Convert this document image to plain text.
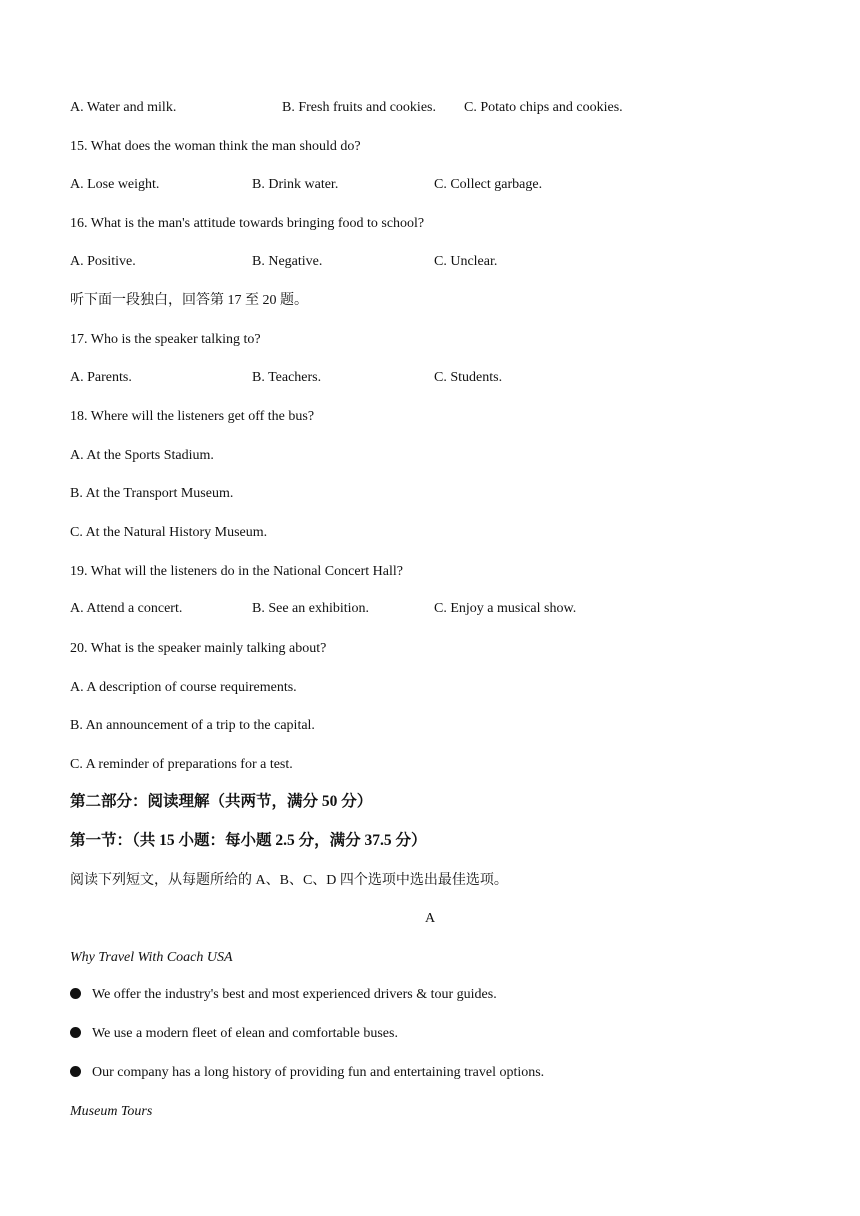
A. Water and milk.	B. Fresh fruits and cookies. C. Potato chips and cookies.
15. What does the woman think the man should do?
A. Lose weight.	B. Drink water.	C. Collect garbage.
16. What is the man's attitude towards bringing food to school?
A. Positive.	B. Negative.	C. Unclear.
听下面一段独白，回答第 17 至 20 题。
17. Who is the speaker talking to?
A. Parents.	B. Teachers.	C. Students.
18. Where will the listeners get off the bus?
A. At the Sports Stadium.
B. At the Transport Museum.
C. At the Natural History Museum.
19. What will the listeners do in the National Concert Hall?
A. Attend a concert.	B. See an exhibition.	C. Enjoy a musical show.
20. What is the speaker mainly talking about?
A. A description of course requirements.
B. An announcement of a trip to the capital.
C. A reminder of preparations for a test.
第二部分：阅读理解（共两节，满分 50 分）
第一节：（共 15 小题：每小题 2.5 分，满分 37.5 分）
阅读下列短文，从每题所给的 A、B、C、D 四个选项中选出最佳选项。
A
Why Travel With Coach USA
We offer the industry's best and most experienced drivers & tour guides.
We use a modern fleet of elean and comfortable buses.
Our company has a long history of providing fun and entertaining travel options.
Museum Tours
